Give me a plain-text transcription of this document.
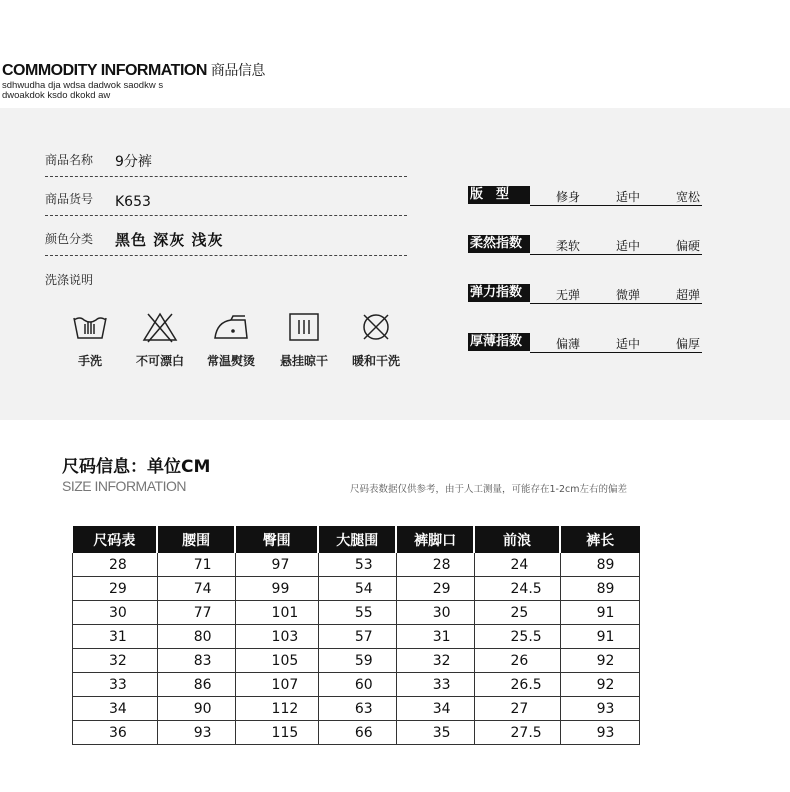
COMMODITY INFORMATION 商品信息
sdhwudha dja wdsa dadwok saodkw s
dwoakdok ksdo dkokd aw
商品名称 9分裤
商品货号 K653
颜色分类 黑色 深灰 浅灰
洗涤说明
手洗	不可漂白	常温熨烫	悬挂晾干	暖和干洗
版　型	修身	适中	宽松
柔然指数	柔软	适中	偏硬
弹力指数	无弹	微弹	超弹
厚薄指数	偏薄	适中	偏厚
尺码信息：单位CM
SIZE INFORMATION	尺码表数据仅供参考，由于人工测量，可能存在1-2cm左右的偏差
尺码表	腰围	臀围	大腿围	裤脚口	前浪	裤长
28	71	97	53	28	24	89
29	74	99	54	29	24.5	89
30	77	101	55	30	25	91
31	80	103	57	31	25.5	91
32	83	105	59	32	26	92
33	86	107	60	33	26.5	92
34	90	112	63	34	27	93
36	93	115	66	35	27.5	93
